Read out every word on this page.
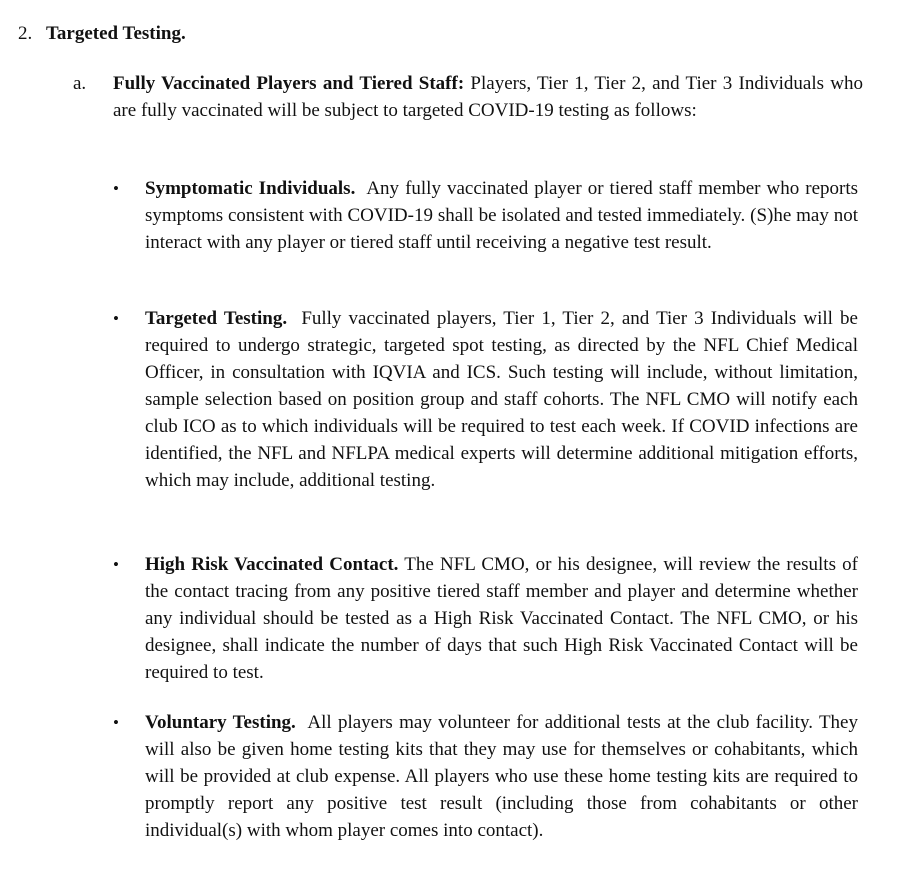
2. Targeted Testing.
a. Fully Vaccinated Players and Tiered Staff: Players, Tier 1, Tier 2, and Tier 3 Individuals who are fully vaccinated will be subject to targeted COVID-19 testing as follows:
• Symptomatic Individuals. Any fully vaccinated player or tiered staff member who reports symptoms consistent with COVID-19 shall be isolated and tested immediately. (S)he may not interact with any player or tiered staff until receiving a negative test result.
• Targeted Testing. Fully vaccinated players, Tier 1, Tier 2, and Tier 3 Individuals will be required to undergo strategic, targeted spot testing, as directed by the NFL Chief Medical Officer, in consultation with IQVIA and ICS. Such testing will include, without limitation, sample selection based on position group and staff cohorts. The NFL CMO will notify each club ICO as to which individuals will be required to test each week. If COVID infections are identified, the NFL and NFLPA medical experts will determine additional mitigation efforts, which may include, additional testing.
• High Risk Vaccinated Contact. The NFL CMO, or his designee, will review the results of the contact tracing from any positive tiered staff member and player and determine whether any individual should be tested as a High Risk Vaccinated Contact. The NFL CMO, or his designee, shall indicate the number of days that such High Risk Vaccinated Contact will be required to test.
• Voluntary Testing. All players may volunteer for additional tests at the club facility. They will also be given home testing kits that they may use for themselves or cohabitants, which will be provided at club expense. All players who use these home testing kits are required to promptly report any positive test result (including those from cohabitants or other individual(s) with whom player comes into contact).
